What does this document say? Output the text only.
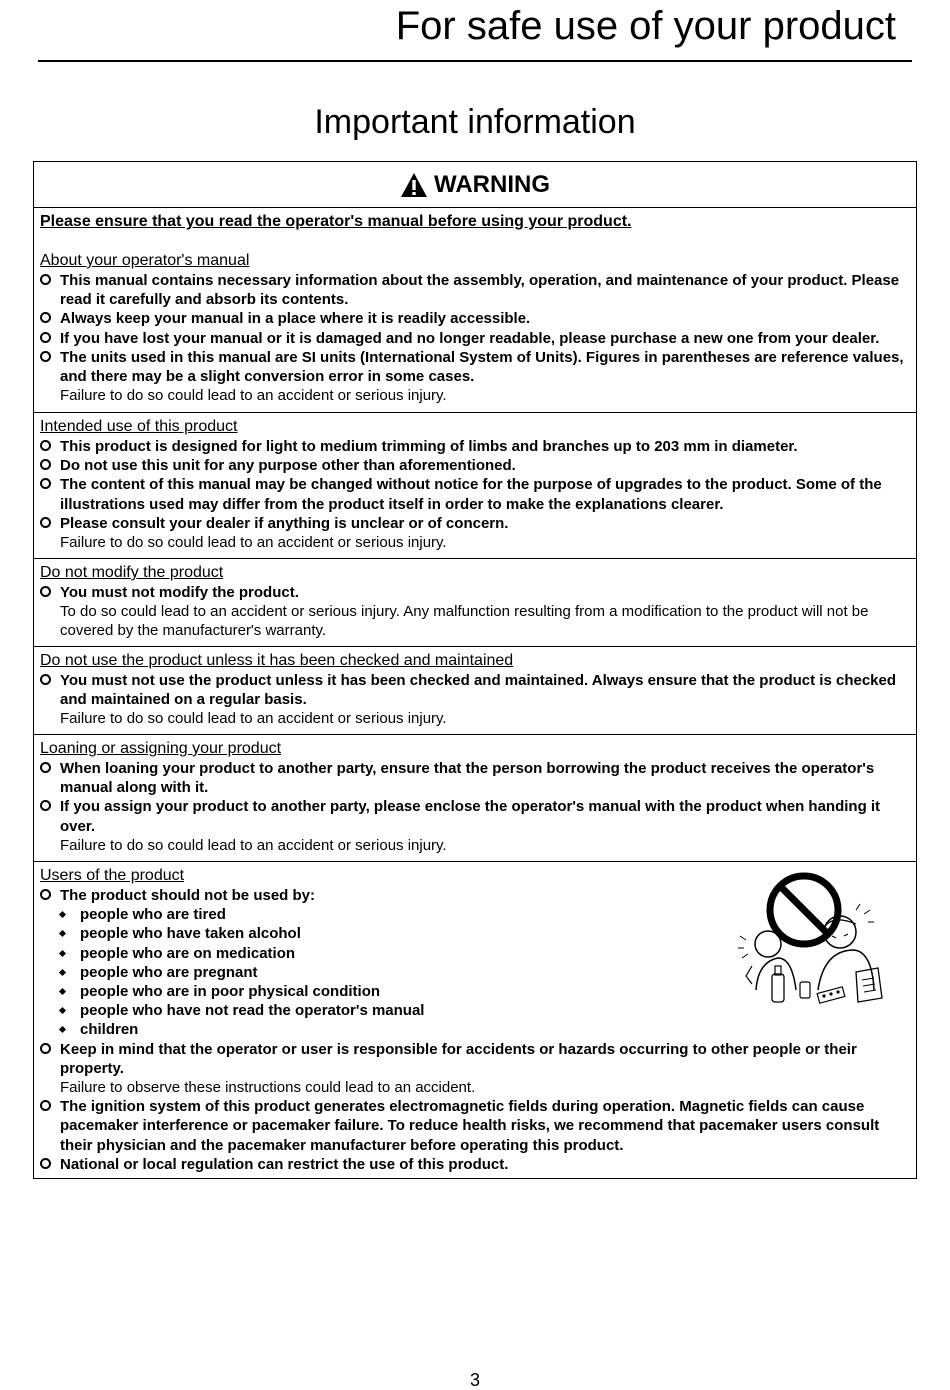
For safe use of your product
Important information
WARNING
Please ensure that you read the operator's manual before using your product.
About your operator's manual
This manual contains necessary information about the assembly, operation, and maintenance of your product. Please read it carefully and absorb its contents.
Always keep your manual in a place where it is readily accessible.
If you have lost your manual or it is damaged and no longer readable, please purchase a new one from your dealer.
The units used in this manual are SI units (International System of Units). Figures in parentheses are reference values, and there may be a slight conversion error in some cases.
Failure to do so could lead to an accident or serious injury.
Intended use of this product
This product is designed for light to medium trimming of limbs and branches up to 203 mm in diameter.
Do not use this unit for any purpose other than aforementioned.
The content of this manual may be changed without notice for the purpose of upgrades to the product. Some of the illustrations used may differ from the product itself in order to make the explanations clearer.
Please consult your dealer if anything is unclear or of concern.
Failure to do so could lead to an accident or serious injury.
Do not modify the product
You must not modify the product.
To do so could lead to an accident or serious injury. Any malfunction resulting from a modification to the product will not be covered by the manufacturer's warranty.
Do not use the product unless it has been checked and maintained
You must not use the product unless it has been checked and maintained. Always ensure that the product is checked and maintained on a regular basis.
Failure to do so could lead to an accident or serious injury.
Loaning or assigning your product
When loaning your product to another party, ensure that the person borrowing the product receives the operator's manual along with it.
If you assign your product to another party, please enclose the operator's manual with the product when handing it over.
Failure to do so could lead to an accident or serious injury.
Users of the product
The product should not be used by:
people who are tired
people who have taken alcohol
people who are on medication
people who are pregnant
people who are in poor physical condition
people who have not read the operator's manual
children
Keep in mind that the operator or user is responsible for accidents or hazards occurring to other people or their property.
Failure to observe these instructions could lead to an accident.
The ignition system of this product generates electromagnetic fields during operation. Magnetic fields can cause pacemaker interference or pacemaker failure. To reduce health risks, we recommend that pacemaker users consult their physician and the pacemaker manufacturer before operating this product.
National or local regulation can restrict the use of this product.
3
